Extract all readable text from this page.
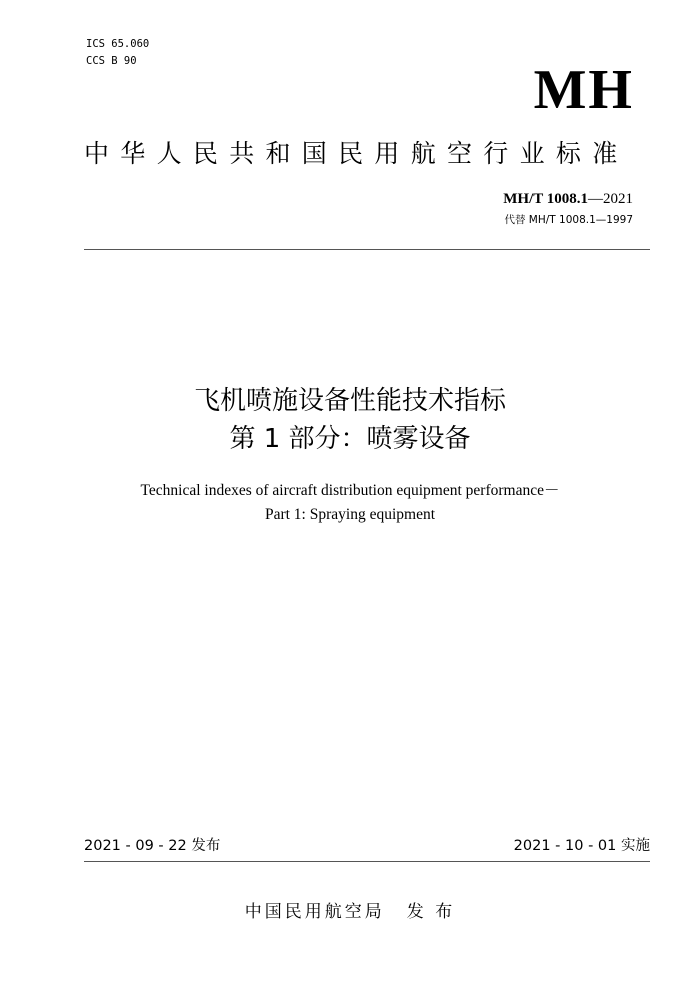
ICS 65.060
CCS B 90	MH
中华人民共和国民用航空行业标准
MH/T 1008.1—2021
代替 MH/T 1008.1—1997
飞机喷施设备性能技术指标
第 1 部分：喷雾设备
Technical indexes of aircraft distribution equipment performance－
Part 1: Spraying equipment
2021 - 09 - 22 发布	2021 - 10 - 01 实施
中国民用航空局 发 布
